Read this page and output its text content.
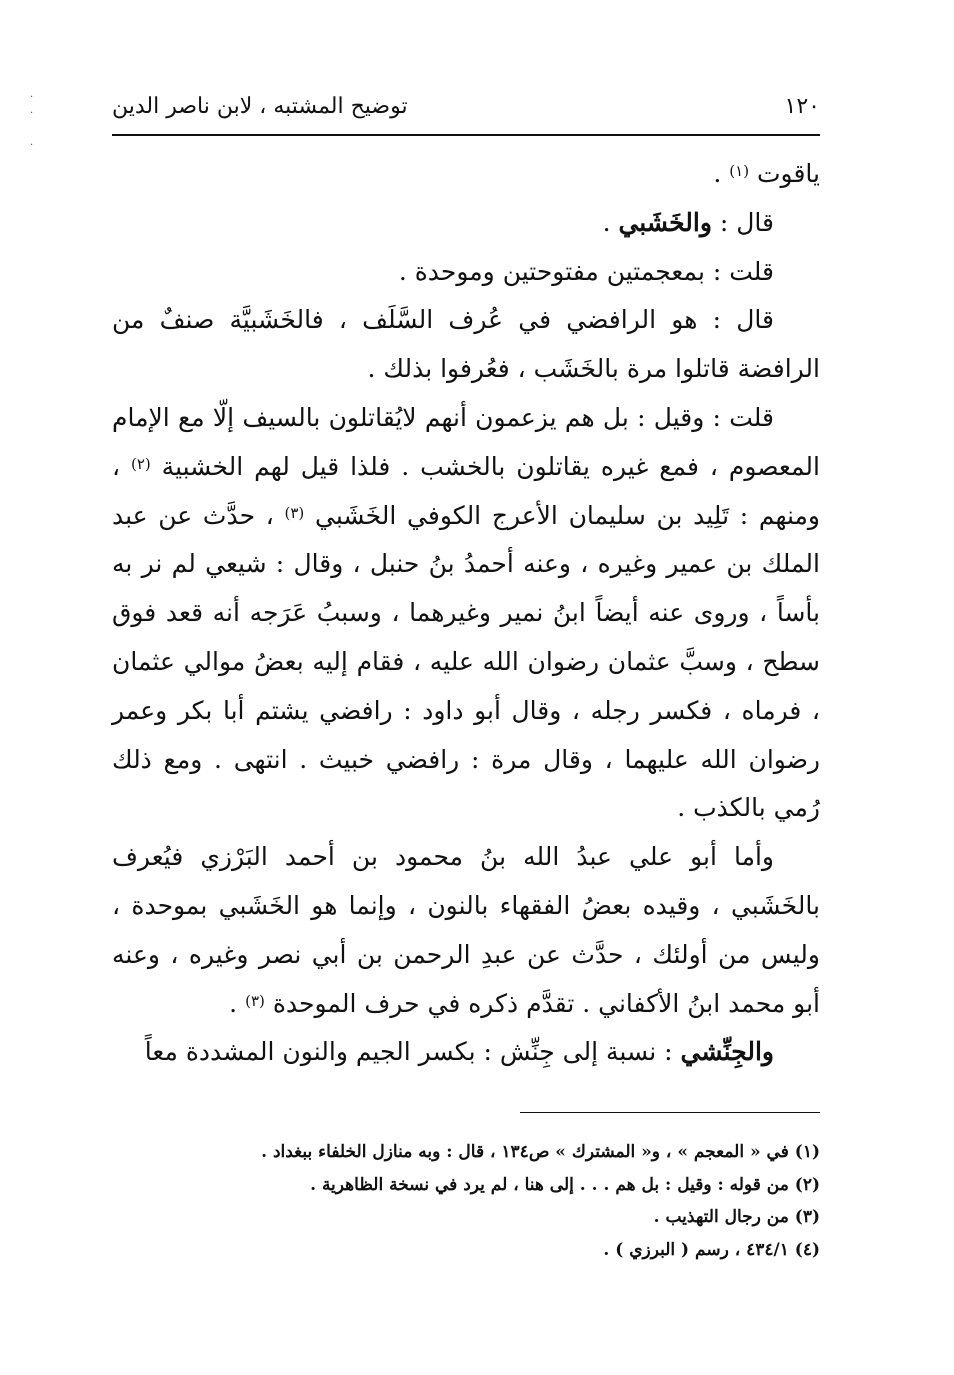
·
·

·
١٢٠
توضيح المشتبه ، لابن ناصر الدين

ياقوت $^{(١)}$ .

قال : والخَشَبي .

قلت : بمعجمتين مفتوحتين وموحدة .

قال : هو الرافضي في عُرف السَّلَف ، فالخَشَبيَّة صنفٌ من الرافضة قاتلوا مرة بالخَشَب ، فعُرفوا بذلك .

قلت : وقيل : بل هم يزعمون أنهم لايُقاتلون بالسيف إلّا مع الإمام المعصوم ، فمع غيره يقاتلون بالخشب . فلذا قيل لهم الخشبية $^{(٢)}$ ، ومنهم : تَلِيد بن سليمان الأعرج الكوفي الخَشَبي $^{(٣)}$ ، حدَّث عن عبد الملك بن عمير وغيره ، وعنه أحمدُ بنُ حنبل ، وقال : شيعي لم نر به بأساً ، وروى عنه أيضاً ابنُ نمير وغيرهما ، وسببُ عَرَجه أنه قعد فوق سطح ، وسبَّ عثمان رضوان الله عليه ، فقام إليه بعضُ موالي عثمان ، فرماه ، فكسر رجله ، وقال أبو داود : رافضي يشتم أبا بكر وعمر رضوان الله عليهما ، وقال مرة : رافضي خبيث . انتهى . ومع ذلك رُمي بالكذب .

وأما أبو علي عبدُ الله بنُ محمود بن أحمد البَرْزي فيُعرف بالخَشَبي ، وقيده بعضُ الفقهاء بالنون ، وإنما هو الخَشَبي بموحدة ، وليس من أولئك ، حدَّث عن عبدِ الرحمن بن أبي نصر وغيره ، وعنه أبو محمد ابنُ الأكفاني . تقدَّم ذكره في حرف الموحدة $^{(٣)}$ .

والجِنِّشي : نسبة إلى جِنِّش : بكسر الجيم والنون المشددة معاً

(١) في « المعجم » ، و« المشترك » ص١٣٤ ، قال : وبه منازل الخلفاء ببغداد .

(٢) من قوله : وقيل : بل هم . . . إلى هنا ، لم يرد في نسخة الظاهرية .

(٣) من رجال التهذيب .

(٤) ٤٣٤/١ ، رسم ( البرزي ) .
